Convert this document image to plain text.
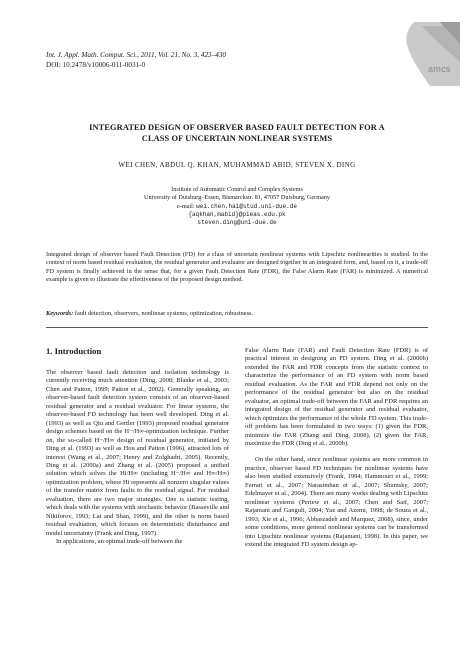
Int. J. Appl. Math. Comput. Sci., 2011, Vol. 21, No. 3, 423–430
DOI: 10.2478/v10006-011-0031-0	amcs
INTEGRATED DESIGN OF OBSERVER BASED FAULT DETECTION FOR A
CLASS OF UNCERTAIN NONLINEAR SYSTEMS
WEI CHEN, ABDUL Q. KHAN, MUHAMMAD ABID, STEVEN X. DING
Institute of Automatic Control and Complex Systems
University of Duisburg–Essen, Bismarckstr. 81, 47057 Duisburg, Germany
e-mail: wei.chen.hai@stud.uni-due.de
{aqkhan,mabid}@pieas.edu.pk
steven.ding@uni-due.de
Integrated design of observer based Fault Detection (FD) for a class of uncertain nonlinear systems with Lipschitz nonlinearities is studied. In the context of norm based residual evaluation, the residual generator and evaluator are designed together in an integrated form, and, based on it, a trade-off FD system is finally achieved in the sense that, for a given Fault Detection Rate (FDR), the False Alarm Rate (FAR) is minimized. A numerical example is given to illustrate the effectiveness of the proposed design method.
Keywords: fault detection, observers, nonlinear systems, optimization, robustness.
1. Introduction

The observer based fault detection and isolation technology is currently receiving much attention (Ding, 2008; Blanke et al., 2003; Chen and Patton, 1999; Patton et al., 2002). Generally speaking, an observer-based fault detection system consists of an observer-based residual generator and a residual evaluator. For linear systems, the observer-based FD technology has been well developed. Ding et al. (1993) as well as Qiu and Gertler (1993) proposed residual generator design schemes based on the H−/H∞-optimization technique. Further on, the so-called H−/H∞ design of residual generator, initiated by Ding et al. (1993) as well as Hou and Patton (1996), attracted lots of interest (Wang et al., 2007; Henry and Zolghadri, 2005). Recently, Ding et al. (2000a) and Zhang et al. (2005) proposed a unified solution which solves the Hi/H∞ (including H−/H∞ and H∞/H∞) optimization problem, where Hi represents all nonzero singular values of the transfer matrix from faults to the residual signal. For residual evaluation, there are two major strategies. One is statistic testing, which deals with the systems with stochastic behavior (Basseville and Nikiforov, 1993; Lai and Shan, 1999), and the other is norm based residual evaluation, which focuses on deterministic disturbance and model uncertainty (Frank and Ding, 1997).

In applications, an optimal trade-off between the

False Alarm Rate (FAR) and Fault Detection Rate (FDR) is of practical interest in designing an FD system. Ding et al. (2000b) extended the FAR and FDR concepts from the statistic context to characterize the performance of an FD system with norm based residual evaluation. As the FAR and FDR depend not only on the performance of the residual generator but also on the residual evaluator, an optimal trade-off between the FAR and FDR requires an integrated design of the residual generator and residual evaluator, which optimizes the performance of the whole FD system. This trade-off problem has been formulated in two ways: (1) given the FDR, minimize the FAR (Zhang and Ding, 2008), (2) given the FAR, maximize the FDR (Ding et al., 2000b).

On the other hand, since nonlinear systems are more common in practice, observer based FD techniques for nonlinear systems have also been studied extensively (Frank, 1994; Hammouri et al., 1999; Ferrari et al., 2007; Narasimhan et al., 2007; Shumsky, 2007; Edelmayer et al., 2004). There are many works dealing with Lipschitz nonlinear systems (Pertew et al., 2007; Chen and Saif, 2007; Rajamani and Ganguli, 2004; Yaz and Azemi, 1998; de Souza et al., 1993; Xie et al., 1996; Abbaszadeh and Marquez, 2008), since, under some conditions, more general nonlinear systems can be transformed into Lipschitz nonlinear systems (Rajamani, 1998). In this paper, we extend the integrated FD system design ap-
